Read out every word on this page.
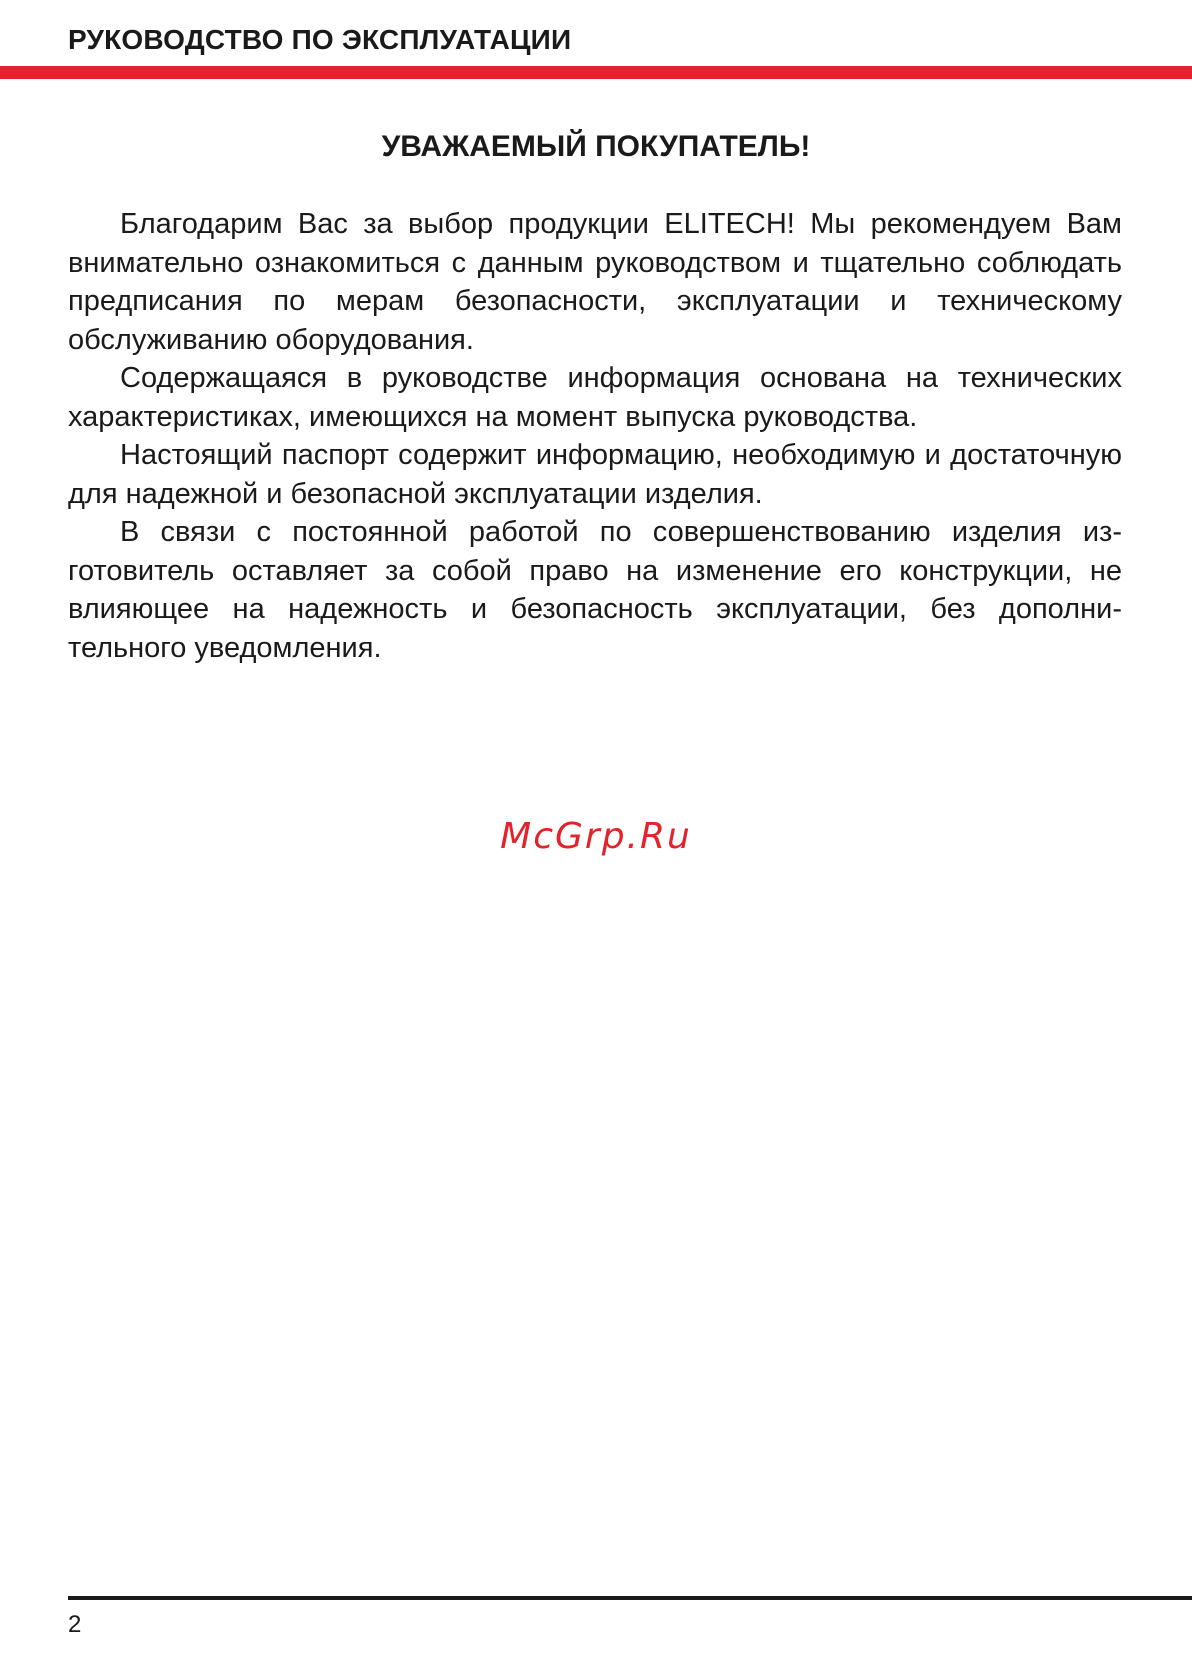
РУКОВОДСТВО ПО ЭКСПЛУАТАЦИИ
УВАЖАЕМЫЙ ПОКУПАТЕЛЬ!

Благодарим Вас за выбор продукции ELITECH! Мы рекомендуем Вам внимательно ознакомиться с данным руководством и тщательно соблюдать предписания по мерам безопасности, эксплуатации и техническому обслуживанию оборудования.

Содержащаяся в руководстве информация основана на технических характеристиках, имеющихся на момент выпуска руководства.

Настоящий паспорт содержит информацию, необходимую и достаточную для надежной и безопасной эксплуатации изделия.

В связи с постоянной работой по совершенствованию изделия изготовитель оставляет за собой право на изменение его конструкции, не влияющее на надежность и безопасность эксплуатации, без дополнительного уведомления.

McGrp.Ru
2
